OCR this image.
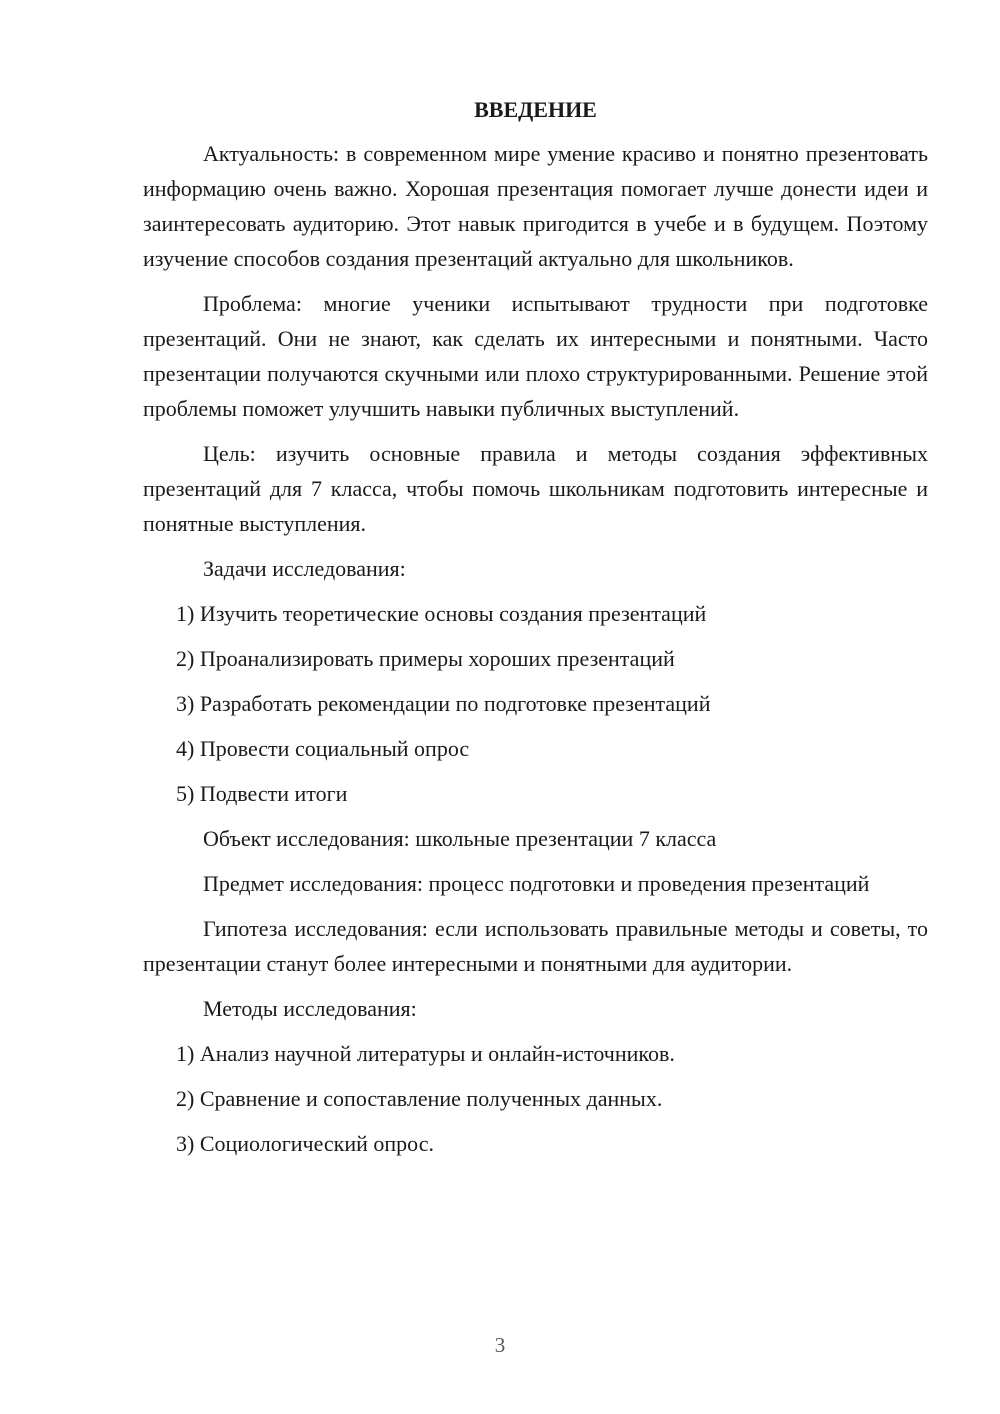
ВВЕДЕНИЕ

Актуальность: в современном мире умение красиво и понятно презентовать информацию очень важно. Хорошая презентация помогает лучше донести идеи и заинтересовать аудиторию. Этот навык пригодится в учебе и в будущем. Поэтому изучение способов создания презентаций актуально для школьников.

Проблема: многие ученики испытывают трудности при подготовке презентаций. Они не знают, как сделать их интересными и понятными. Часто презентации получаются скучными или плохо структурированными. Решение этой проблемы поможет улучшить навыки публичных выступлений.

Цель: изучить основные правила и методы создания эффективных презентаций для 7 класса, чтобы помочь школьникам подготовить интересные и понятные выступления.

Задачи исследования:

1) Изучить теоретические основы создания презентаций
2) Проанализировать примеры хороших презентаций
3) Разработать рекомендации по подготовке презентаций
4) Провести социальный опрос
5) Подвести итоги

Объект исследования: школьные презентации 7 класса

Предмет исследования: процесс подготовки и проведения презентаций

Гипотеза исследования: если использовать правильные методы и советы, то презентации станут более интересными и понятными для аудитории.

Методы исследования:

1) Анализ научной литературы и онлайн-источников.
2) Сравнение и сопоставление полученных данных.
3) Социологический опрос.
3
